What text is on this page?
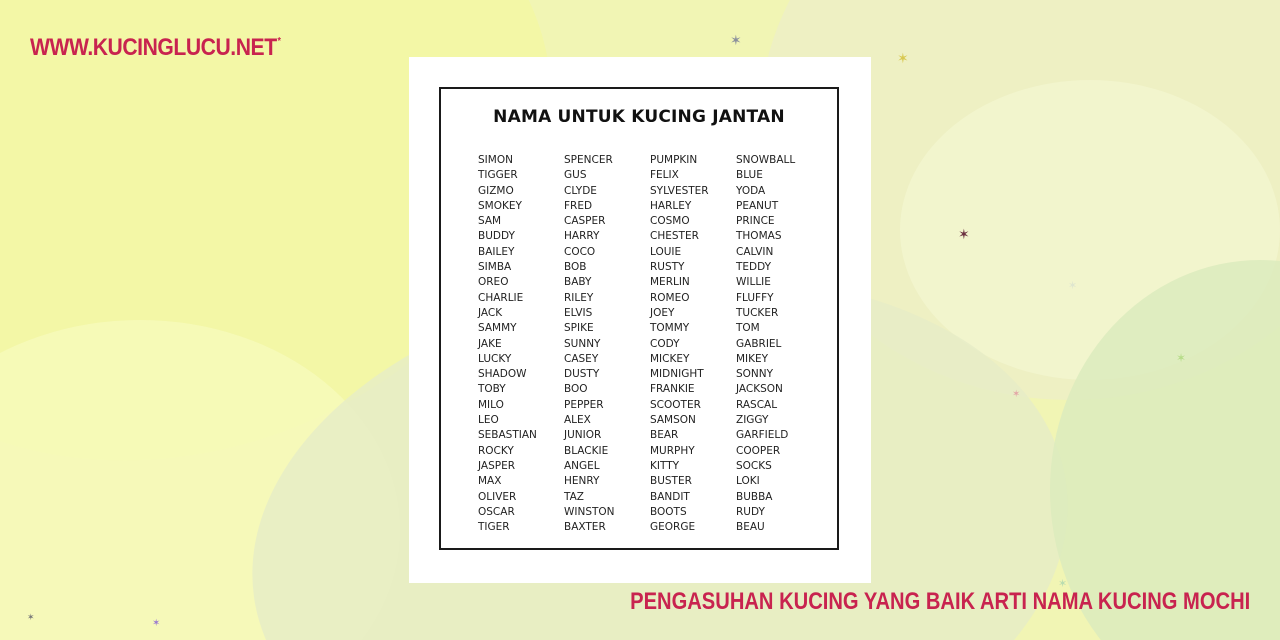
✶
✶
✶
✶
✶
✶
✶
✶	✶
WWW.KUCINGLUCU.NET*
NAMA UNTUK KUCING JANTAN
SIMON
TIGGER
GIZMO
SMOKEY
SAM
BUDDY
BAILEY
SIMBA
OREO
CHARLIE
JACK
SAMMY
JAKE
LUCKY
SHADOW
TOBY
MILO
LEO
SEBASTIAN
ROCKY
JASPER
MAX
OLIVER
OSCAR
TIGER
SPENCER
GUS
CLYDE
FRED
CASPER
HARRY
COCO
BOB
BABY
RILEY
ELVIS
SPIKE
SUNNY
CASEY
DUSTY
BOO
PEPPER
ALEX
JUNIOR
BLACKIE
ANGEL
HENRY
TAZ
WINSTON
BAXTER
PUMPKIN
FELIX
SYLVESTER
HARLEY
COSMO
CHESTER
LOUIE
RUSTY
MERLIN
ROMEO
JOEY
TOMMY
CODY
MICKEY
MIDNIGHT
FRANKIE
SCOOTER
SAMSON
BEAR
MURPHY
KITTY
BUSTER
BANDIT
BOOTS
GEORGE
SNOWBALL
BLUE
YODA
PEANUT
PRINCE
THOMAS
CALVIN
TEDDY
WILLIE
FLUFFY
TUCKER
TOM
GABRIEL
MIKEY
SONNY
JACKSON
RASCAL
ZIGGY
GARFIELD
COOPER
SOCKS
LOKI
BUBBA
RUDY
BEAU
PENGASUHAN KUCING YANG BAIK ARTI NAMA KUCING MOCHI
